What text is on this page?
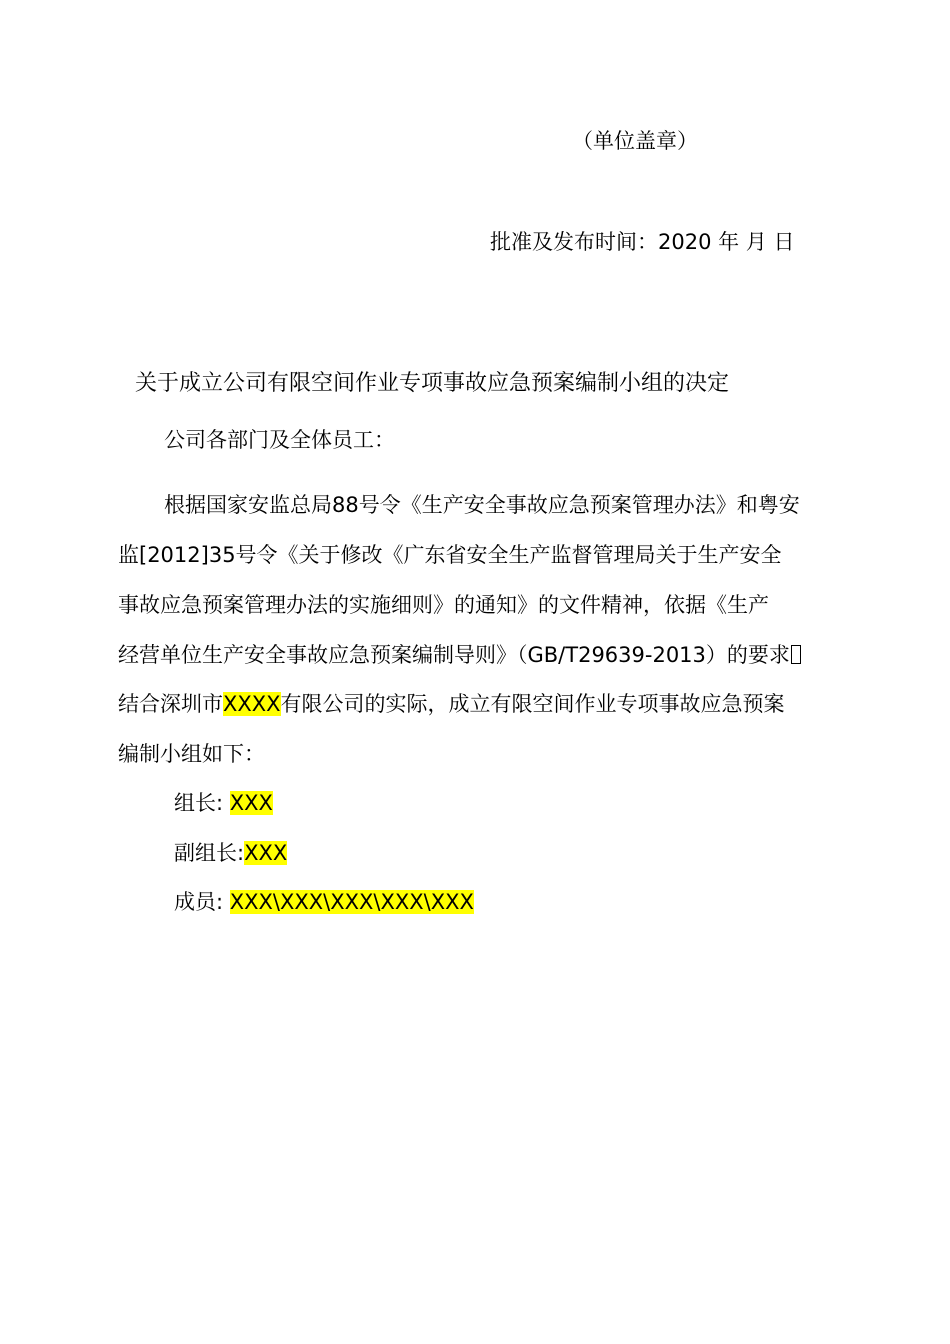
（单位盖章）
批准及发布时间：2020 年 月 日
关于成立公司有限空间作业专项事故应急预案编制小组的决定
公司各部门及全体员工：
根据国家安监总局88号令《生产安全事故应急预案管理办法》和粤安
监[2012]35号令《关于修改《广东省安全生产监督管理局关于生产安全
事故应急预案管理办法的实施细则》的通知》的文件精神，依据《生产
经营单位生产安全事故应急预案编制导则》（GB/T29639-2013）的要求
结合深圳市XXXX有限公司的实际，成立有限空间作业专项事故应急预案
编制小组如下：
组长: XXX
副组长:XXX
成员: XXX\XXX\XXX\XXX\XXX
